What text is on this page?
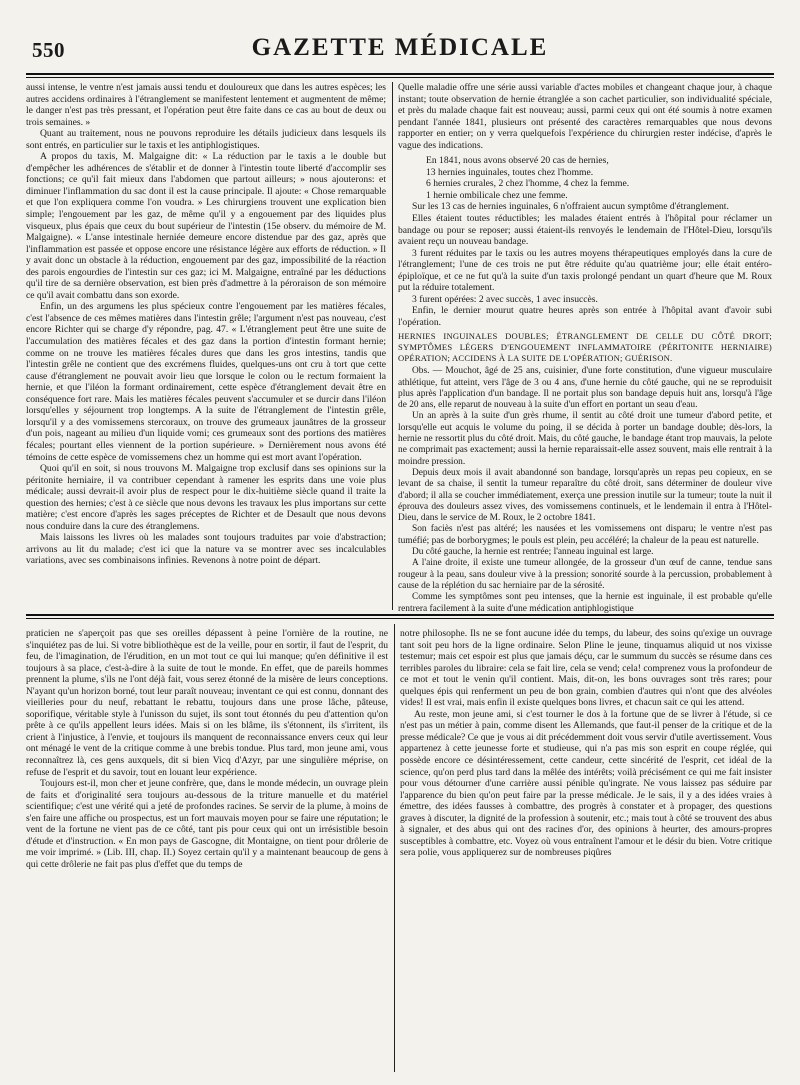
550	GAZETTE MÉDICALE

aussi intense, le ventre n'est jamais aussi tendu et douloureux que dans les autres espèces; les autres accidens ordinaires à l'étranglement se manifestent lentement et augmentent de même; le danger n'est pas très pressant, et l'opération peut être faite dans ce cas au bout de deux ou trois semaines. »

Quant au traitement, nous ne pouvons reproduire les détails judicieux dans lesquels ils sont entrés, en particulier sur le taxis et les antiphlogistiques.

A propos du taxis, M. Malgaigne dit: « La réduction par le taxis a le double but d'empêcher les adhérences de s'établir et de donner à l'intestin toute liberté d'accomplir ses fonctions; ce qu'il fait mieux dans l'abdomen que partout ailleurs; » nous ajouterons: et diminuer l'inflammation du sac dont il est la cause principale. Il ajoute: « Chose remarquable et que l'on expliquera comme l'on voudra. » Les chirurgiens trouvent une explication bien simple; l'engouement par les gaz, de même qu'il y a engouement par des liquides plus visqueux, plus épais que ceux du bout supérieur de l'intestin (15e observ. du mémoire de M. Malgaigne). « L'anse intestinale herniée demeure encore distendue par des gaz, après que l'inflammation est passée et oppose encore une résistance légère aux efforts de réduction. » Il y avait donc un obstacle à la réduction, engouement par des gaz, impossibilité de la réaction des parois engourdies de l'intestin sur ces gaz; ici M. Malgaigne, entraîné par les déductions qu'il tire de sa dernière observation, est bien près d'admettre à la péroraison de son mémoire ce qu'il avait combattu dans son exorde.

Enfin, un des argumens les plus spécieux contre l'engouement par les matières fécales, c'est l'absence de ces mêmes matières dans l'intestin grêle; l'argument n'est pas nouveau, c'est encore Richter qui se charge d'y répondre, pag. 47. « L'étranglement peut être une suite de l'accumulation des matières fécales et des gaz dans la portion d'intestin formant hernie; comme on ne trouve les matières fécales dures que dans les gros intestins, tandis que l'intestin grêle ne contient que des excrémens fluides, quelques-uns ont cru à tort que cette cause d'étranglement ne pouvait avoir lieu que lorsque le colon ou le rectum formaient la hernie, et que l'iléon la formant ordinairement, cette espèce d'étranglement devait être en conséquence fort rare. Mais les matières fécales peuvent s'accumuler et se durcir dans l'iléon lorsqu'elles y séjournent trop longtemps. A la suite de l'étranglement de l'intestin grêle, lorsqu'il y a des vomissemens stercoraux, on trouve des grumeaux jaunâtres de la grosseur d'un pois, nageant au milieu d'un liquide vomi; ces grumeaux sont des portions des matières fécales; pourtant elles viennent de la portion supérieure. » Dernièrement nous avons été témoins de cette espèce de vomissemens chez un homme qui est mort avant l'opération.

Quoi qu'il en soit, si nous trouvons M. Malgaigne trop exclusif dans ses opinions sur la péritonite herniaire, il va contribuer cependant à ramener les esprits dans une voie plus médicale; aussi devrait-il avoir plus de respect pour le dix-huitième siècle quand il traite la question des hernies; c'est à ce siècle que nous devons les travaux les plus importans sur cette matière; c'est encore d'après les sages préceptes de Richter et de Desault que nous devons nous conduire dans la cure des étranglemens.

Mais laissons les livres où les malades sont toujours traduites par voie d'abstraction; arrivons au lit du malade; c'est ici que la nature va se montrer avec ses incalculables variations, avec ses combinaisons infinies. Revenons à notre point de départ.

Quelle maladie offre une série aussi variable d'actes mobiles et changeant chaque jour, à chaque instant; toute observation de hernie étranglée a son cachet particulier, son individualité spéciale, et près du malade chaque fait est nouveau; aussi, parmi ceux qui ont été soumis à notre examen pendant l'année 1841, plusieurs ont présenté des caractères remarquables que nous devons rapporter en entier; on y verra quelquefois l'expérience du chirurgien rester indécise, d'après le vague des indications.

En 1841, nous avons observé 20 cas de hernies,

13 hernies inguinales, toutes chez l'homme.

6 hernies crurales, 2 chez l'homme, 4 chez la femme.

1 hernie ombilicale chez une femme.

Sur les 13 cas de hernies inguinales, 6 n'offraient aucun symptôme d'étranglement.

Elles étaient toutes réductibles; les malades étaient entrés à l'hôpital pour réclamer un bandage ou pour se reposer; aussi étaient-ils renvoyés le lendemain de l'Hôtel-Dieu, lorsqu'ils avaient reçu un nouveau bandage.

3 furent réduites par le taxis ou les autres moyens thérapeutiques employés dans la cure de l'étranglement; l'une de ces trois ne put être réduite qu'au quatrième jour; elle était entéro-épiploïque, et ce ne fut qu'à la suite d'un taxis prolongé pendant un quart d'heure que M. Roux put la réduire totalement.

3 furent opérées: 2 avec succès, 1 avec insuccès.

Enfin, le dernier mourut quatre heures après son entrée à l'hôpital avant d'avoir subi l'opération.

HERNIES INGUINALES DOUBLES; ÉTRANGLEMENT DE CELLE DU CÔTÉ DROIT; SYMPTÔMES LÉGERS D'ENGOUEMENT INFLAMMATOIRE (PÉRITONITE HERNIAIRE) OPÉRATION; ACCIDENS À LA SUITE DE L'OPÉRATION; GUÉRISON.

Obs. — Mouchot, âgé de 25 ans, cuisinier, d'une forte constitution, d'une vigueur musculaire athlétique, fut atteint, vers l'âge de 3 ou 4 ans, d'une hernie du côté gauche, qui ne se reproduisit plus après l'application d'un bandage. Il ne portait plus son bandage depuis huit ans, lorsqu'à l'âge de 20 ans, elle reparut de nouveau à la suite d'un effort en portant un seau d'eau.

Un an après à la suite d'un grès rhume, il sentit au côté droit une tumeur d'abord petite, et lorsqu'elle eut acquis le volume du poing, il se décida à porter un bandage double; dès-lors, la hernie ne ressortit plus du côté droit. Mais, du côté gauche, le bandage étant trop mauvais, la pelote ne comprimait pas exactement; aussi la hernie reparaissait-elle assez souvent, mais elle rentrait à la moindre pression.

Depuis deux mois il avait abandonné son bandage, lorsqu'après un repas peu copieux, en se levant de sa chaise, il sentit la tumeur reparaître du côté droit, sans déterminer de douleur vive d'abord; il alla se coucher immédiatement, exerça une pression inutile sur la tumeur; toute la nuit il éprouva des douleurs assez vives, des vomissemens continuels, et le lendemain il entra à l'Hôtel-Dieu, dans le service de M. Roux, le 2 octobre 1841.

Son faciès n'est pas altéré; les nausées et les vomissemens ont disparu; le ventre n'est pas tuméfié; pas de borborygmes; le pouls est plein, peu accéléré; la chaleur de la peau est naturelle.

Du côté gauche, la hernie est rentrée; l'anneau inguinal est large.

A l'aine droite, il existe une tumeur allongée, de la grosseur d'un œuf de canne, tendue sans rougeur à la peau, sans douleur vive à la pression; sonorité sourde à la percussion, probablement à cause de la réplétion du sac herniaire par de la sérosité.

Comme les symptômes sont peu intenses, que la hernie est inguinale, il est probable qu'elle rentrera facilement à la suite d'une médication antiphlogistique

praticien ne s'aperçoit pas que ses oreilles dépassent à peine l'ornière de la routine, ne s'inquiétez pas de lui. Si votre bibliothèque est de la veille, pour en sortir, il faut de l'esprit, du feu, de l'imagination, de l'érudition, en un mot tout ce qui lui manque; qu'en définitive il est toujours à sa place, c'est-à-dire à la suite de tout le monde. En effet, que de pareils hommes prennent la plume, s'ils ne l'ont déjà fait, vous serez étonné de la misère de leurs conceptions. N'ayant qu'un horizon borné, tout leur paraît nouveau; inventant ce qui est connu, donnant des vieilleries pour du neuf, rebattant le rebattu, toujours dans une prose lâche, pâteuse, soporifique, véritable style à l'unisson du sujet, ils sont tout étonnés du peu d'attention qu'on prête à ce qu'ils appellent leurs idées. Mais si on les blâme, ils s'étonnent, ils s'irritent, ils crient à l'injustice, à l'envie, et toujours ils manquent de reconnaissance envers ceux qui leur ont ménagé le vent de la critique comme à une brebis tondue. Plus tard, mon jeune ami, vous reconnaîtrez là, ces gens auxquels, dit si bien Vicq d'Azyr, par une singulière méprise, on refuse de l'esprit et du savoir, tout en louant leur expérience.

Toujours est-il, mon cher et jeune confrère, que, dans le monde médecin, un ouvrage plein de faits et d'originalité sera toujours au-dessous de la triture manuelle et du matériel scientifique; c'est une vérité qui a jeté de profondes racines. Se servir de la plume, à moins de s'en faire une affiche ou prospectus, est un fort mauvais moyen pour se faire une réputation; le vent de la fortune ne vient pas de ce côté, tant pis pour ceux qui ont un irrésistible besoin d'étude et d'instruction. « En mon pays de Gascogne, dit Montaigne, on tient pour drôlerie de me voir imprimé. » (Lib. III, chap. II.) Soyez certain qu'il y a maintenant beaucoup de gens à qui cette drôlerie ne fait pas plus d'effet que du temps de

notre philosophe. Ils ne se font aucune idée du temps, du labeur, des soins qu'exige un ouvrage tant soit peu hors de la ligne ordinaire. Selon Pline le jeune, tinquamus aliquid ut nos vixisse testemur; mais cet espoir est plus que jamais déçu, car le summum du succès se résume dans ces terribles paroles du libraire: cela se fait lire, cela se vend; cela! comprenez vous la profondeur de ce mot et tout le venin qu'il contient. Mais, dit-on, les bons ouvrages sont très rares; pour quelques épis qui renferment un peu de bon grain, combien d'autres qui n'ont que des alvéoles vides! Il est vrai, mais enfin il existe quelques bons livres, et chacun sait ce qui les attend.

Au reste, mon jeune ami, si c'est tourner le dos à la fortune que de se livrer à l'étude, si ce n'est pas un métier à pain, comme disent les Allemands, que faut-il penser de la critique et de la presse médicale? Ce que je vous ai dit précédemment doit vous servir d'utile avertissement. Vous appartenez à cette jeunesse forte et studieuse, qui n'a pas mis son esprit en coupe réglée, qui possède encore ce désintéressement, cette candeur, cette sincérité de l'esprit, cet idéal de la science, qu'on perd plus tard dans la mêlée des intérêts; voilà précisément ce qui me fait insister pour vous détourner d'une carrière aussi pénible qu'ingrate. Ne vous laissez pas séduire par l'apparence du bien qu'on peut faire par la presse médicale. Je le sais, il y a des idées vraies à émettre, des idées fausses à combattre, des progrès à constater et à propager, des questions graves à discuter, la dignité de la profession à soutenir, etc.; mais tout à côté se trouvent des abus à signaler, et des abus qui ont des racines d'or, des opinions à heurter, des amours-propres susceptibles à combattre, etc. Voyez où vous entraînent l'amour et le désir du bien. Votre critique sera polie, vous appliquerez sur de nombreuses piqûres
